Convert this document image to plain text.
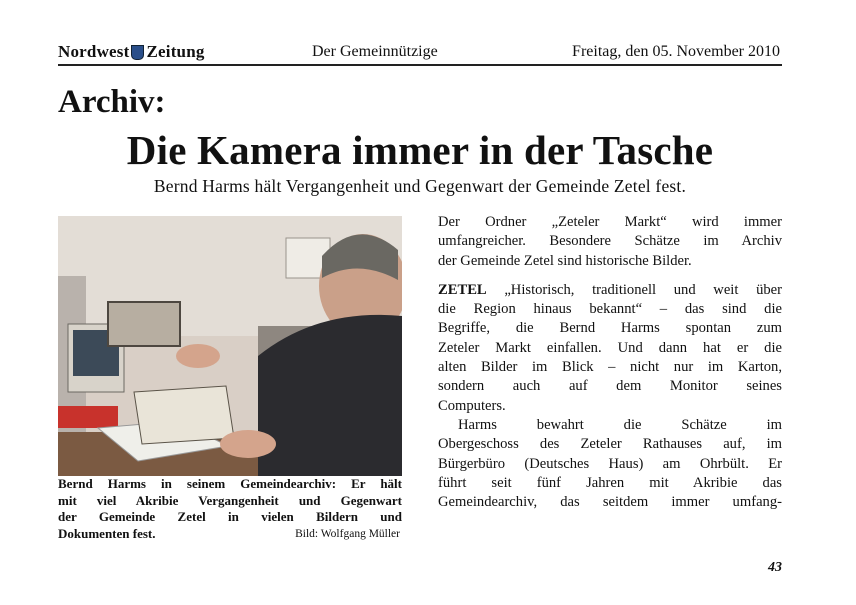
Nordwest Zeitung	Der Gemeinnützige	Freitag, den 05. November 2010
Archiv:
Die Kamera immer in der Tasche
Bernd Harms hält Vergangenheit und Gegenwart der Gemeinde Zetel fest.
Bernd Harms in seinem Gemeindearchiv: Er hält
mit viel Akribie Vergangenheit und Gegenwart
der Gemeinde Zetel in vielen Bildern und
Dokumenten fest.	Bild: Wolfgang Müller

Der Ordner „Zeteler Markt“ wird immer
umfangreicher. Besondere Schätze im Archiv
der Gemeinde Zetel sind historische Bilder.

ZETEL „Historisch, traditionell und weit über
die Region hinaus bekannt“ – das sind die
Begriffe, die Bernd Harms spontan zum
Zeteler Markt einfallen. Und dann hat er die
alten Bilder im Blick – nicht nur im Karton,
sondern auch auf dem Monitor seines
Computers.

Harms bewahrt die Schätze im
Obergeschoss des Zeteler Rathauses auf, im
Bürgerbüro (Deutsches Haus) am Ohrbült. Er
führt seit fünf Jahren mit Akribie das
Gemeindearchiv, das seitdem immer umfang-

43
